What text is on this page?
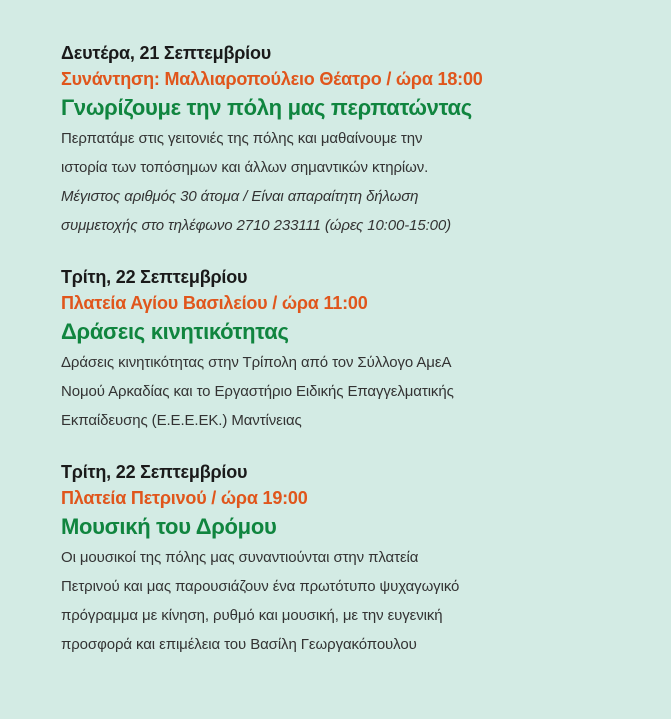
Δευτέρα, 21 Σεπτεμβρίου
Συνάντηση: Μαλλιαροπούλειο Θέατρο / ώρα 18:00
Γνωρίζουμε την πόλη μας περπατώντας
Περπατάμε στις γειτονιές της πόλης και μαθαίνουμε την
ιστορία των τοπόσημων και άλλων σημαντικών κτηρίων.
Μέγιστος αριθμός 30 άτομα / Είναι απαραίτητη δήλωση
συμμετοχής στο τηλέφωνο 2710 233111 (ώρες 10:00-15:00)
Τρίτη, 22 Σεπτεμβρίου
Πλατεία Αγίου Βασιλείου / ώρα 11:00
Δράσεις κινητικότητας
Δράσεις κινητικότητας στην Τρίπολη από τον Σύλλογο ΑμεΑ
Νομού Αρκαδίας και το Εργαστήριο Ειδικής Επαγγελματικής
Εκπαίδευσης (Ε.Ε.Ε.ΕΚ.) Μαντίνειας
Τρίτη, 22 Σεπτεμβρίου
Πλατεία Πετρινού / ώρα 19:00
Μουσική του Δρόμου
Οι μουσικοί της πόλης μας συναντιούνται στην πλατεία
Πετρινού και μας παρουσιάζουν ένα πρωτότυπο ψυχαγωγικό
πρόγραμμα με κίνηση, ρυθμό και μουσική, με την ευγενική
προσφορά και επιμέλεια του Βασίλη Γεωργακόπουλου
